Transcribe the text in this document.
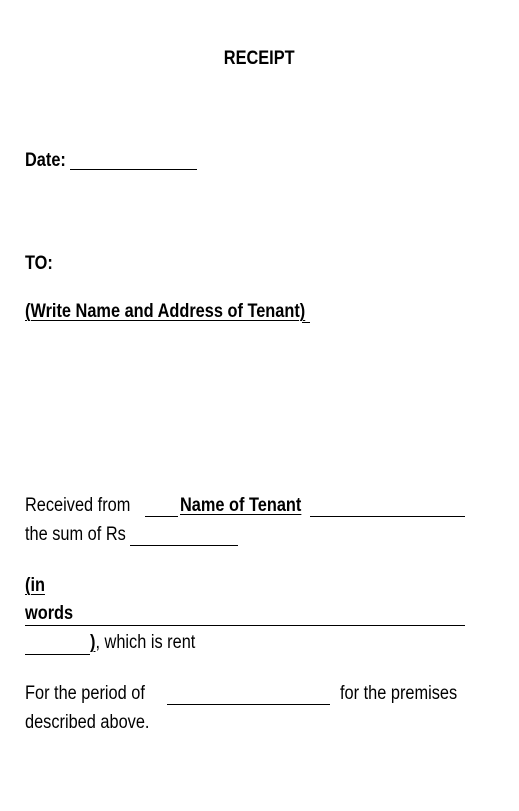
RECEIPT
Date:
TO:
(Write Name and Address of Tenant)
Received from	Name of Tenant
the sum of Rs
(in
words
), which is rent
For the period of	for the premises
described above.
